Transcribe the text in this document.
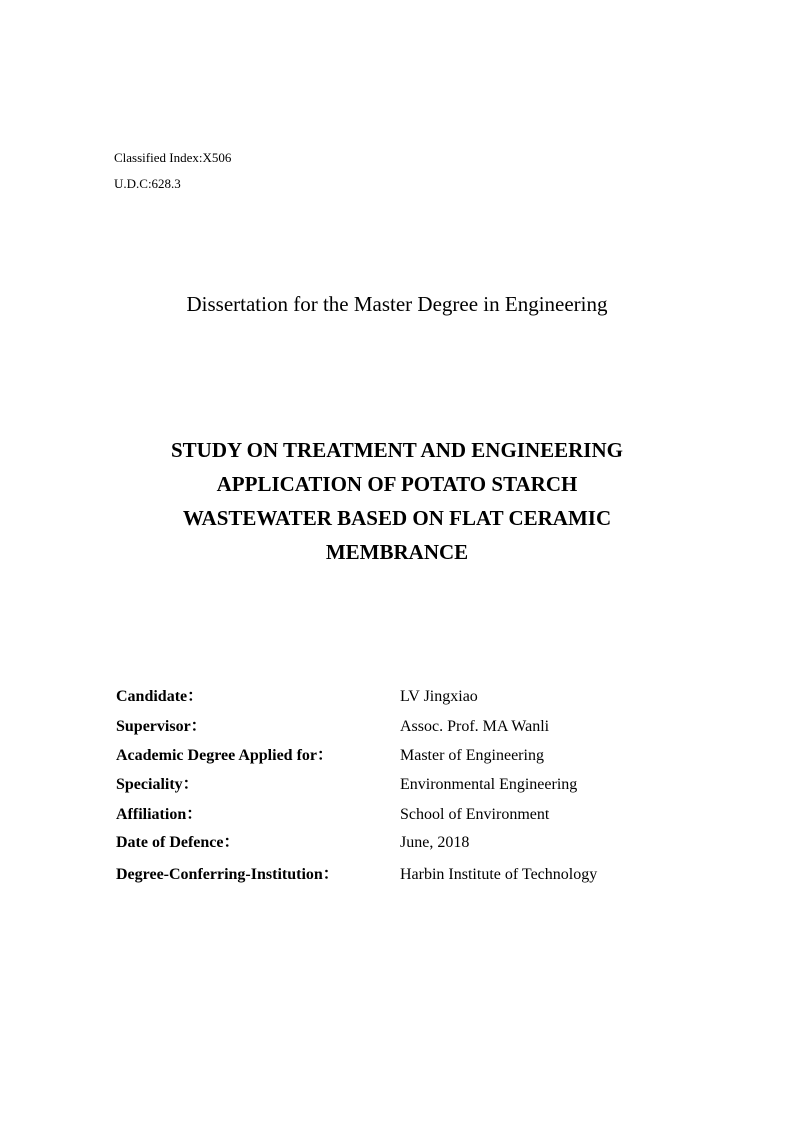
Classified Index:X506
U.D.C:628.3
Dissertation for the Master Degree in Engineering
STUDY ON TREATMENT AND ENGINEERING
APPLICATION OF POTATO STARCH
WASTEWATER BASED ON FLAT CERAMIC
MEMBRANCE
Candidate：	LV Jingxiao
Supervisor：	Assoc. Prof. MA Wanli
Academic Degree Applied for：	Master of Engineering
Speciality：	Environmental Engineering
Affiliation：	School of Environment
Date of Defence：	June, 2018
Degree-Conferring-Institution：	Harbin Institute of Technology
